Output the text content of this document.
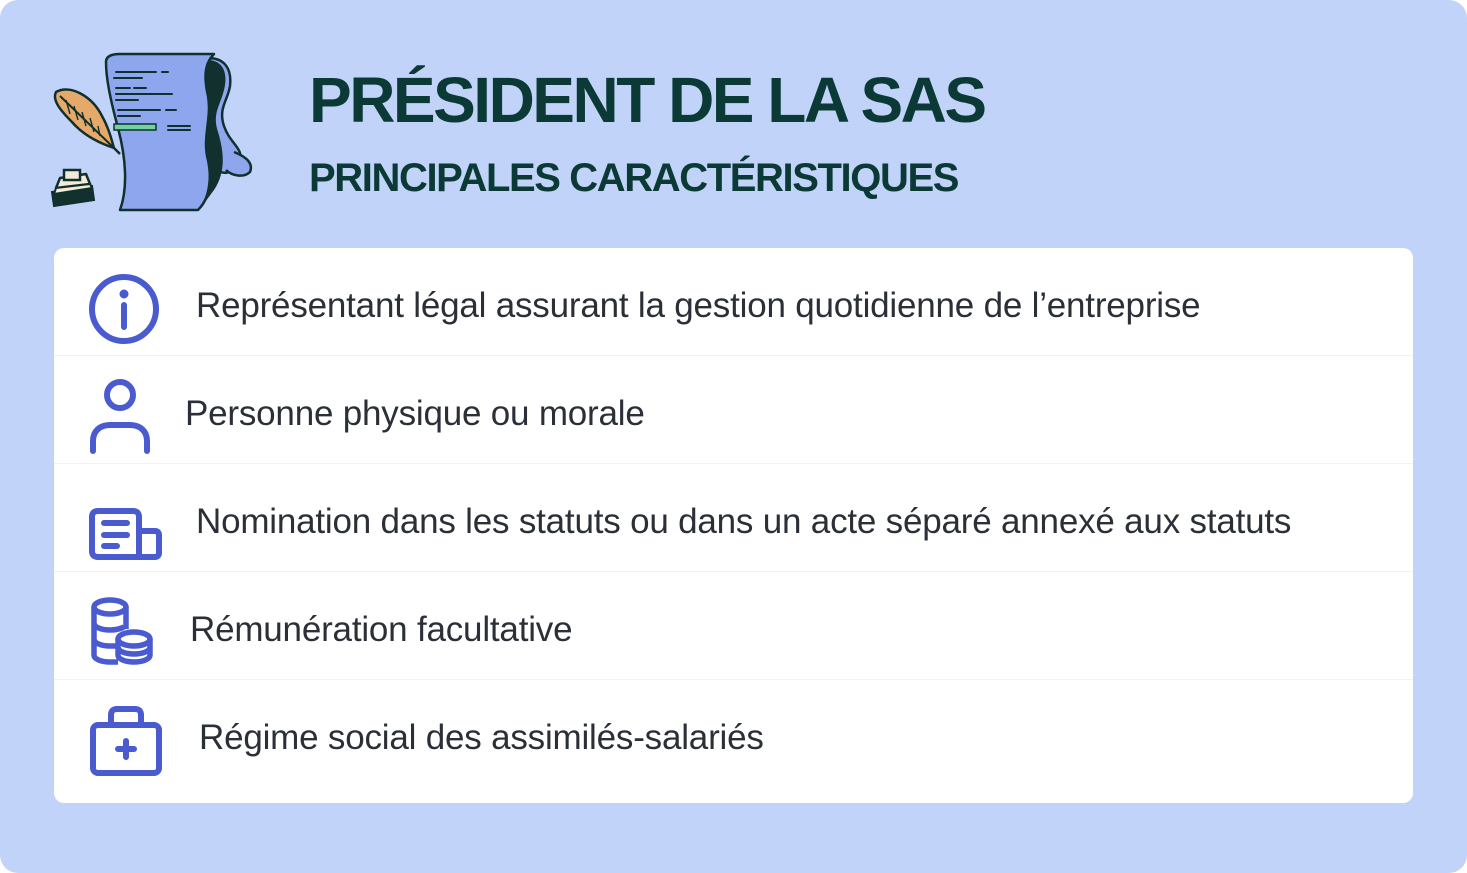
PRÉSIDENT DE LA SAS
PRINCIPALES CARACTÉRISTIQUES
Représentant légal assurant la gestion quotidienne de l’entreprise
Personne physique ou morale
Nomination dans les statuts ou dans un acte séparé annexé aux statuts
Rémunération facultative
Régime social des assimilés-salariés
